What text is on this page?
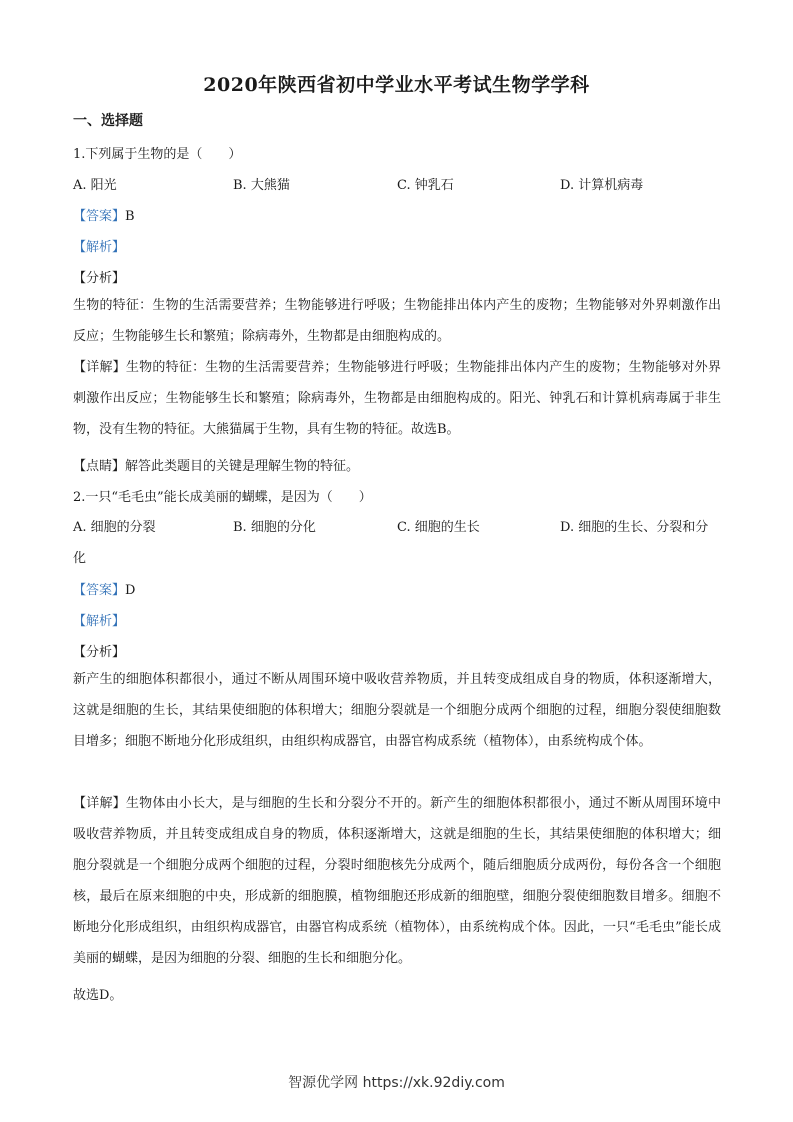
2020年陕西省初中学业水平考试生物学学科
一、选择题
1.下列属于生物的是（　　）
A. 阳光	B. 大熊猫	C. 钟乳石	D. 计算机病毒
【答案】B
【解析】
【分析】
生物的特征：生物的生活需要营养；生物能够进行呼吸；生物能排出体内产生的废物；生物能够对外界刺激作出反应；生物能够生长和繁殖；除病毒外，生物都是由细胞构成的。
【详解】生物的特征：生物的生活需要营养；生物能够进行呼吸；生物能排出体内产生的废物；生物能够对外界刺激作出反应；生物能够生长和繁殖；除病毒外，生物都是由细胞构成的。阳光、钟乳石和计算机病毒属于非生物，没有生物的特征。大熊猫属于生物，具有生物的特征。故选B。
【点睛】解答此类题目的关键是理解生物的特征。
2.一只“毛毛虫”能长成美丽的蝴蝶，是因为（　　）
A. 细胞的分裂	B. 细胞的分化	C. 细胞的生长	D. 细胞的生长、分裂和分
化
【答案】D
【解析】
【分析】
新产生的细胞体积都很小，通过不断从周围环境中吸收营养物质，并且转变成组成自身的物质，体积逐渐增大，这就是细胞的生长，其结果使细胞的体积增大；细胞分裂就是一个细胞分成两个细胞的过程，细胞分裂使细胞数目增多；细胞不断地分化形成组织，由组织构成器官，由器官构成系统（植物体），由系统构成个体。
【详解】生物体由小长大，是与细胞的生长和分裂分不开的。新产生的细胞体积都很小，通过不断从周围环境中吸收营养物质，并且转变成组成自身的物质，体积逐渐增大，这就是细胞的生长，其结果使细胞的体积增大；细胞分裂就是一个细胞分成两个细胞的过程，分裂时细胞核先分成两个，随后细胞质分成两份，每份各含一个细胞核，最后在原来细胞的中央，形成新的细胞膜，植物细胞还形成新的细胞壁，细胞分裂使细胞数目增多。细胞不断地分化形成组织，由组织构成器官，由器官构成系统（植物体），由系统构成个体。因此，一只“毛毛虫”能长成美丽的蝴蝶，是因为细胞的分裂、细胞的生长和细胞分化。
故选D。
智源优学网 https://xk.92diy.com
